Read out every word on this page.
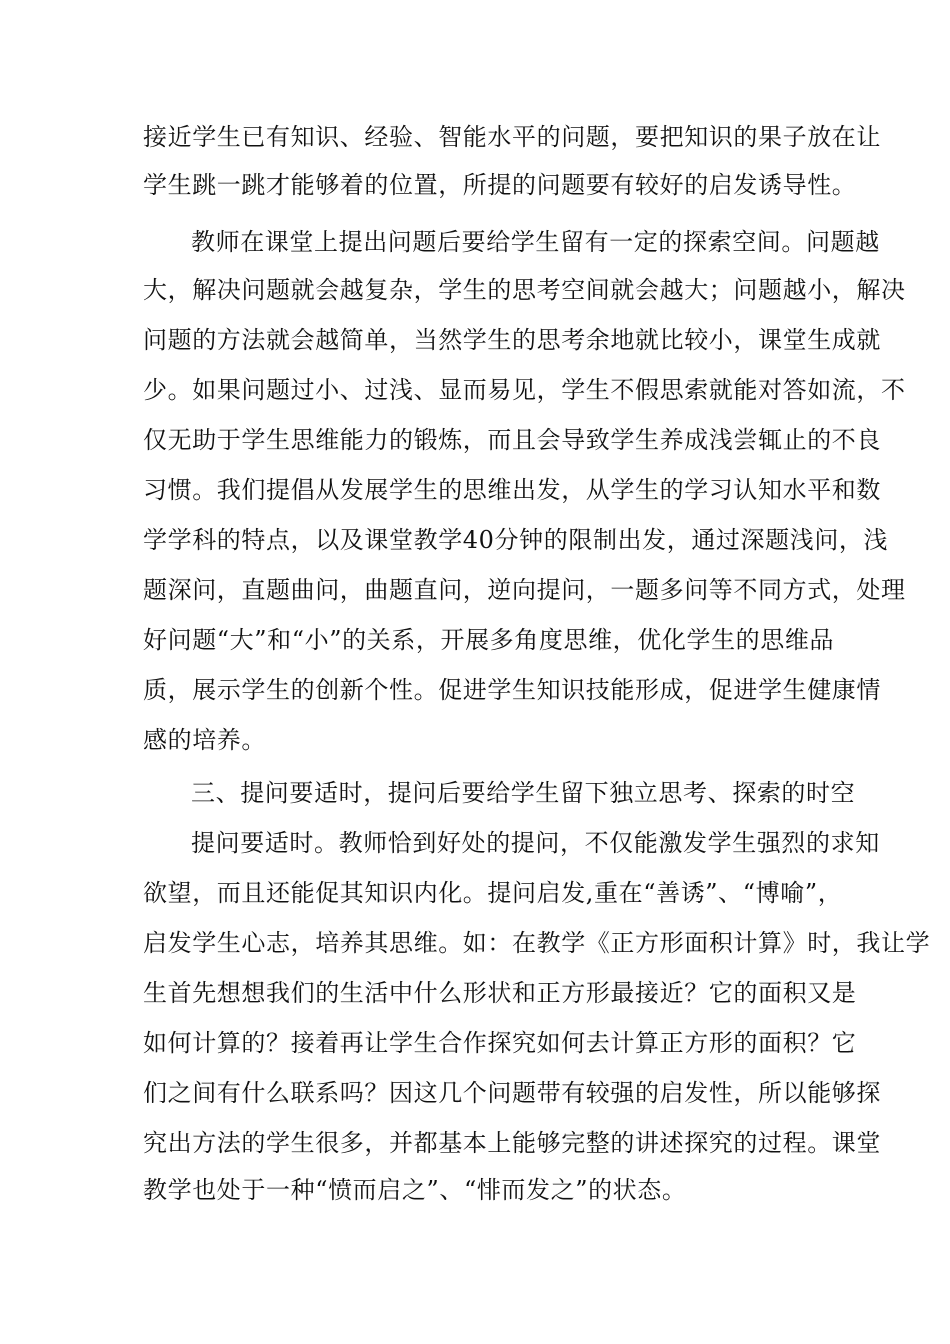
接近学生已有知识、经验、智能水平的问题，要把知识的果子放在让
学生跳一跳才能够着的位置，所提的问题要有较好的启发诱导性。
教师在课堂上提出问题后要给学生留有一定的探索空间。问题越
大，解决问题就会越复杂，学生的思考空间就会越大；问题越小，解决
问题的方法就会越简单，当然学生的思考余地就比较小，课堂生成就
少。如果问题过小、过浅、显而易见，学生不假思索就能对答如流，不
仅无助于学生思维能力的锻炼，而且会导致学生养成浅尝辄止的不良
习惯。我们提倡从发展学生的思维出发，从学生的学习认知水平和数
学学科的特点，以及课堂教学40分钟的限制出发，通过深题浅问，浅
题深问，直题曲问，曲题直问，逆向提问，一题多问等不同方式，处理
好问题“大”和“小”的关系，开展多角度思维，优化学生的思维品
质，展示学生的创新个性。促进学生知识技能形成，促进学生健康情
感的培养。
三、提问要适时，提问后要给学生留下独立思考、探索的时空
提问要适时。教师恰到好处的提问，不仅能激发学生强烈的求知
欲望，而且还能促其知识内化。提问启发,重在“善诱”、“博喻”，
启发学生心志，培养其思维。如：在教学《正方形面积计算》时，我让学
生首先想想我们的生活中什么形状和正方形最接近？它的面积又是
如何计算的？接着再让学生合作探究如何去计算正方形的面积？它
们之间有什么联系吗？因这几个问题带有较强的启发性，所以能够探
究出方法的学生很多，并都基本上能够完整的讲述探究的过程。课堂
教学也处于一种“愤而启之”、“悱而发之”的状态。
